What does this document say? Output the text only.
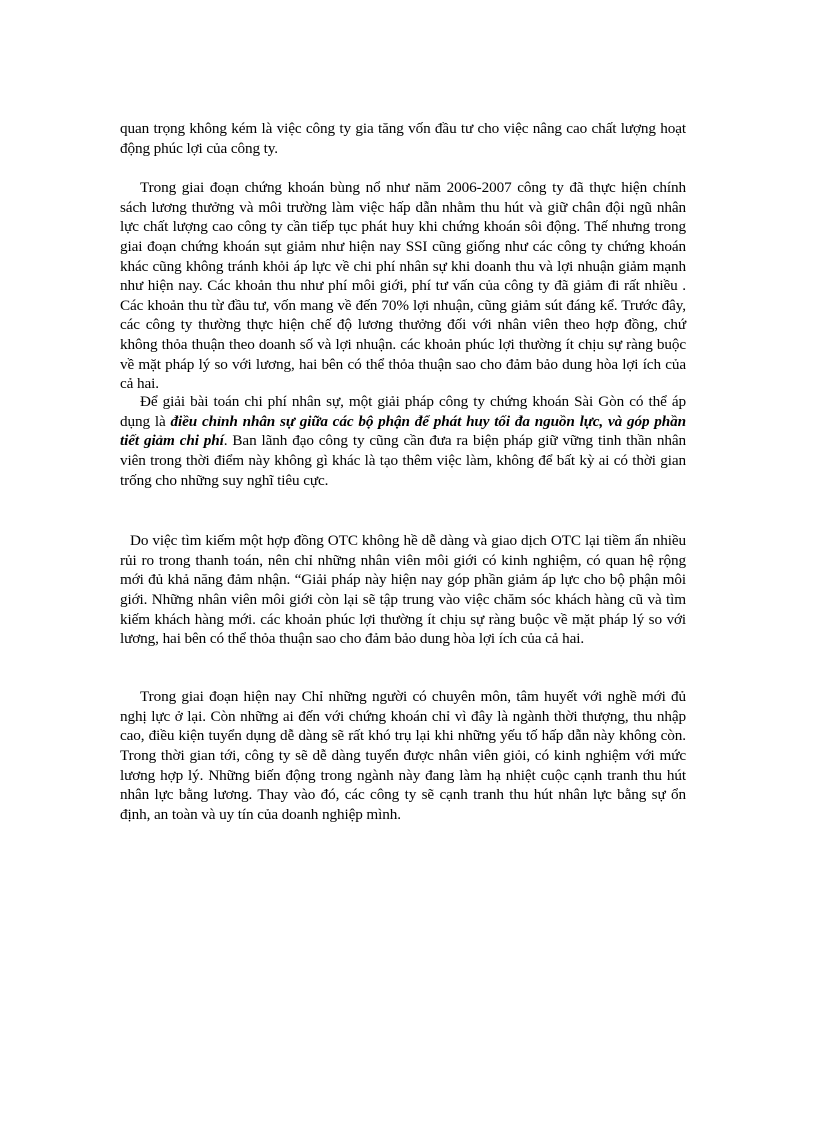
quan trọng không kém là việc công ty gia tăng vốn đầu tư cho việc nâng cao chất lượng hoạt động phúc lợi của công ty.

Trong giai đoạn chứng khoán bùng nổ như năm 2006-2007 công ty đã thực hiện chính sách lương thưởng và môi trường làm việc hấp dẫn nhằm thu hút và giữ chân đội ngũ nhân lực chất lượng cao công ty cần tiếp tục phát huy khi chứng khoán sôi động. Thế nhưng trong giai đoạn chứng khoán sụt giảm như hiện nay SSI cũng giống như các công ty chứng khoán khác cũng không tránh khỏi áp lực về chi phí nhân sự khi doanh thu và lợi nhuận giảm mạnh như hiện nay. Các khoản thu như phí môi giới, phí tư vấn của công ty đã giảm đi rất nhiều . Các khoản thu từ đầu tư, vốn mang về đến 70% lợi nhuận, cũng giảm sút đáng kể. Trước đây, các công ty thường thực hiện chế độ lương thưởng đối với nhân viên theo hợp đồng, chứ không thỏa thuận theo doanh số và lợi nhuận. các khoản phúc lợi thường ít chịu sự ràng buộc về mặt pháp lý so với lương, hai bên có thể thỏa thuận sao cho đảm bảo dung hòa lợi ích của cả hai.

Để giải bài toán chi phí nhân sự, một giải pháp công ty chứng khoán Sài Gòn có thể áp dụng là điều chỉnh nhân sự giữa các bộ phận để phát huy tối đa nguồn lực, và góp phần tiết giảm chi phí. Ban lãnh đạo công ty cũng cần đưa ra biện pháp giữ vững tinh thần nhân viên trong thời điểm này không gì khác là tạo thêm việc làm, không để bất kỳ ai có thời gian trống cho những suy nghĩ tiêu cực.

Do việc tìm kiếm một hợp đồng OTC không hề dễ dàng và giao dịch OTC lại tiềm ẩn nhiều rủi ro trong thanh toán, nên chỉ những nhân viên môi giới có kinh nghiệm, có quan hệ rộng mới đủ khả năng đảm nhận. “Giải pháp này hiện nay góp phần giảm áp lực cho bộ phận môi giới. Những nhân viên môi giới còn lại sẽ tập trung vào việc chăm sóc khách hàng cũ và tìm kiếm khách hàng mới. các khoản phúc lợi thường ít chịu sự ràng buộc về mặt pháp lý so với lương, hai bên có thể thỏa thuận sao cho đảm bảo dung hòa lợi ích của cả hai.

Trong giai đoạn hiện nay Chỉ những người có chuyên môn, tâm huyết với nghề mới đủ nghị lực ở lại. Còn những ai đến với chứng khoán chỉ vì đây là ngành thời thượng, thu nhập cao, điều kiện tuyển dụng dễ dàng sẽ rất khó trụ lại khi những yếu tố hấp dẫn này không còn. Trong thời gian tới, công ty sẽ dễ dàng tuyển được nhân viên giỏi, có kinh nghiệm với mức lương hợp lý. Những biến động trong ngành này đang làm hạ nhiệt cuộc cạnh tranh thu hút nhân lực bằng lương. Thay vào đó, các công ty sẽ cạnh tranh thu hút nhân lực bằng sự ổn định, an toàn và uy tín của doanh nghiệp mình.
